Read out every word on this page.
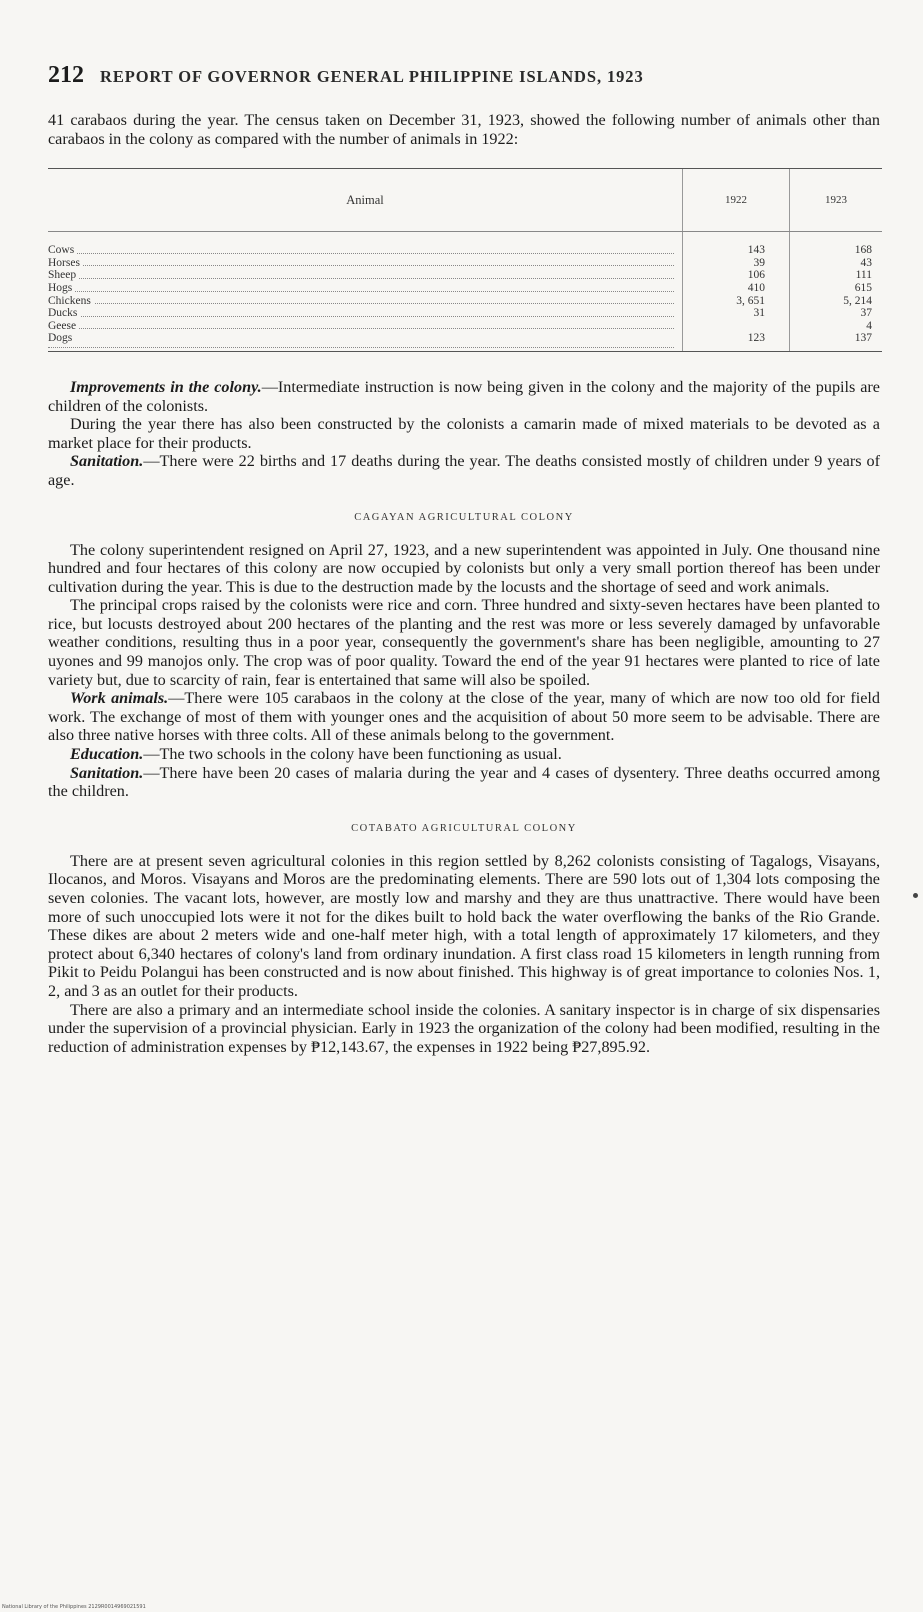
212 REPORT OF GOVERNOR GENERAL PHILIPPINE ISLANDS, 1923

41 carabaos during the year. The census taken on December 31, 1923, showed the following number of animals other than carabaos in the colony as compared with the number of animals in 1922:

Animal	1922	1923
Cows	143	168
Horses	39	43
Sheep	106	111
Hogs	410	615
Chickens	3, 651	5, 214
Ducks	31	37
Geese		4
Dogs	123	137

Improvements in the colony.—Intermediate instruction is now being given in the colony and the majority of the pupils are children of the colonists.

During the year there has also been constructed by the colonists a camarin made of mixed materials to be devoted as a market place for their products.

Sanitation.—There were 22 births and 17 deaths during the year. The deaths consisted mostly of children under 9 years of age.

CAGAYAN AGRICULTURAL COLONY

The colony superintendent resigned on April 27, 1923, and a new superintendent was appointed in July. One thousand nine hundred and four hectares of this colony are now occupied by colonists but only a very small portion thereof has been under cultivation during the year. This is due to the destruction made by the locusts and the shortage of seed and work animals.

The principal crops raised by the colonists were rice and corn. Three hundred and sixty-seven hectares have been planted to rice, but locusts destroyed about 200 hectares of the planting and the rest was more or less severely damaged by unfavorable weather conditions, resulting thus in a poor year, consequently the government's share has been negligible, amounting to 27 uyones and 99 manojos only. The crop was of poor quality. Toward the end of the year 91 hectares were planted to rice of late variety but, due to scarcity of rain, fear is entertained that same will also be spoiled.

Work animals.—There were 105 carabaos in the colony at the close of the year, many of which are now too old for field work. The exchange of most of them with younger ones and the acquisition of about 50 more seem to be advisable. There are also three native horses with three colts. All of these animals belong to the government.

Education.—The two schools in the colony have been functioning as usual.

Sanitation.—There have been 20 cases of malaria during the year and 4 cases of dysentery. Three deaths occurred among the children.

COTABATO AGRICULTURAL COLONY

There are at present seven agricultural colonies in this region settled by 8,262 colonists consisting of Tagalogs, Visayans, Ilocanos, and Moros. Visayans and Moros are the predominating elements. There are 590 lots out of 1,304 lots composing the seven colonies. The vacant lots, however, are mostly low and marshy and they are thus unattractive. There would have been more of such unoccupied lots were it not for the dikes built to hold back the water overflowing the banks of the Rio Grande. These dikes are about 2 meters wide and one-half meter high, with a total length of approximately 17 kilometers, and they protect about 6,340 hectares of colony's land from ordinary inundation. A first class road 15 kilometers in length running from Pikit to Peidu Polangui has been constructed and is now about finished. This highway is of great importance to colonies Nos. 1, 2, and 3 as an outlet for their products.

There are also a primary and an intermediate school inside the colonies. A sanitary inspector is in charge of six dispensaries under the supervision of a provincial physician. Early in 1923 the organization of the colony had been modified, resulting in the reduction of administration expenses by ₱12,143.67, the expenses in 1922 being ₱27,895.92.

National Library of the Philippines 2129R0014969021591
